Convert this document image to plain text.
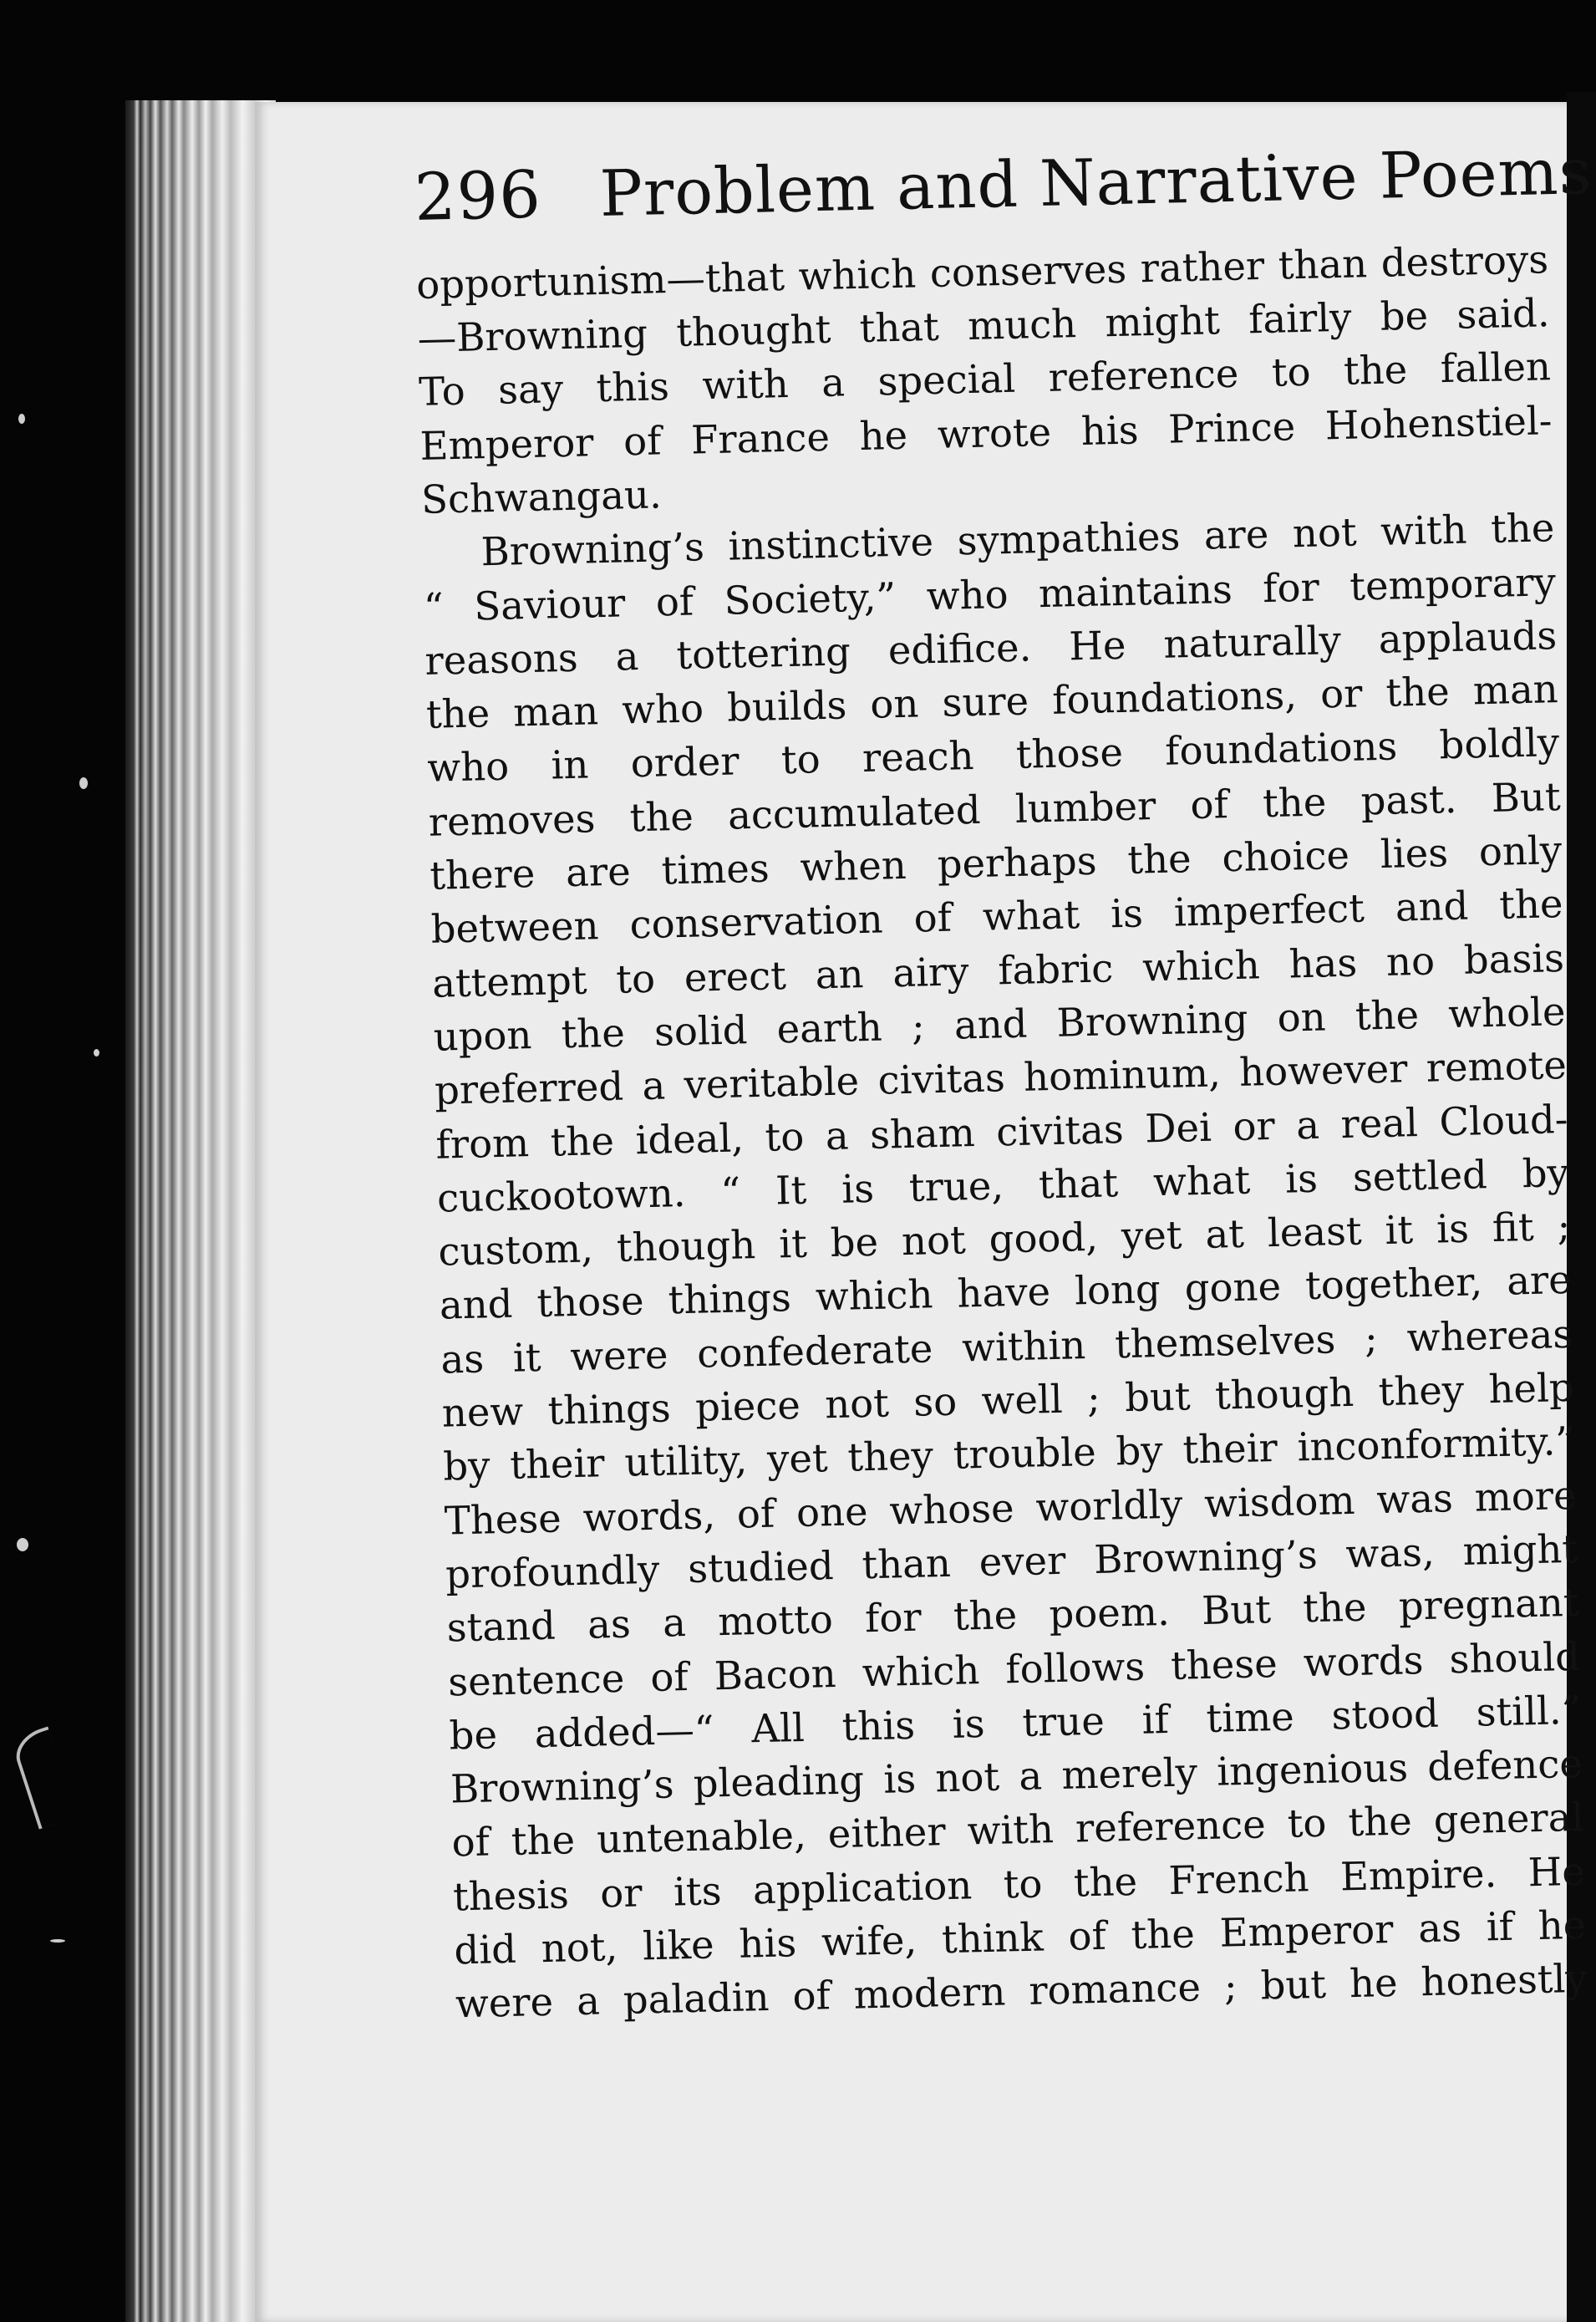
296 Problem and Narrative Poems
opportunism—that which conserves rather than destroys
—Browning thought that much might fairly be said.
To say this with a special reference to the fallen
Emperor of France he wrote his Prince Hohenstiel-
Schwangau.
Browning’s instinctive sympathies are not with the
“ Saviour of Society,” who maintains for temporary
reasons a tottering edifice. He naturally applauds
the man who builds on sure foundations, or the man
who in order to reach those foundations boldly
removes the accumulated lumber of the past. But
there are times when perhaps the choice lies only
between conservation of what is imperfect and the
attempt to erect an airy fabric which has no basis
upon the solid earth ; and Browning on the whole
preferred a veritable civitas hominum, however remote
from the ideal, to a sham civitas Dei or a real Cloud-
cuckootown. “ It is true, that what is settled by
custom, though it be not good, yet at least it is fit ;
and those things which have long gone together, are
as it were confederate within themselves ; whereas
new things piece not so well ; but though they help
by their utility, yet they trouble by their inconformity.”
These words, of one whose worldly wisdom was more
profoundly studied than ever Browning’s was, might
stand as a motto for the poem. But the pregnant
sentence of Bacon which follows these words should
be added—“ All this is true if time stood still.”
Browning’s pleading is not a merely ingenious defence
of the untenable, either with reference to the general
thesis or its application to the French Empire. He
did not, like his wife, think of the Emperor as if he
were a paladin of modern romance ; but he honestly
